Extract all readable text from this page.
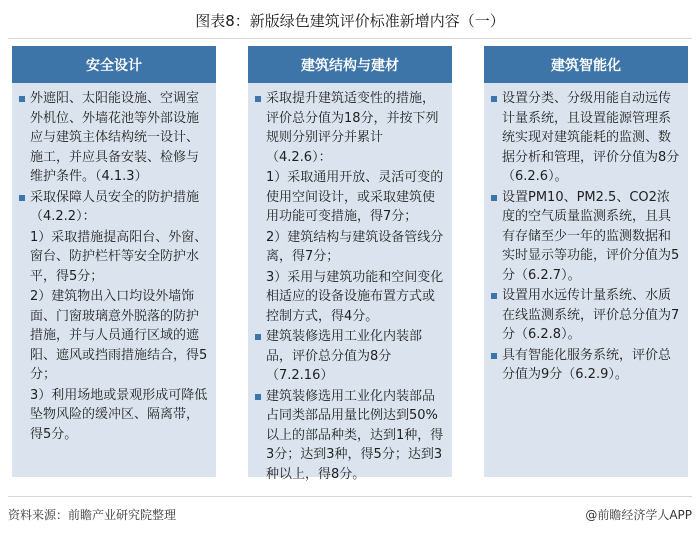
图表8：新版绿色建筑评价标准新增内容（一）
安全设计
外遮阳、太阳能设施、空调室外机位、外墙花池等外部设施应与建筑主体结构统一设计、施工，并应具备安装、检修与维护条件。（4.1.3）
采取保障人员安全的防护措施（4.2.2）：
1）采取措施提高阳台、外窗、窗台、防护栏杆等安全防护水平，得5分；
2）建筑物出入口均设外墙饰面、门窗玻璃意外脱落的防护措施，并与人员通行区域的遮阳、遮风或挡雨措施结合，得5分；
3）利用场地或景观形成可降低坠物风险的缓冲区、隔离带，得5分。
建筑结构与建材
采取提升建筑适变性的措施，评价总分值为18分，并按下列规则分别评分并累计（4.2.6）：
1）采取通用开放、灵活可变的使用空间设计，或采取建筑使用功能可变措施，得7分；
2）建筑结构与建筑设备管线分离，得7分；
3）采用与建筑功能和空间变化相适应的设备设施布置方式或控制方式，得4分。
建筑装修选用工业化内装部品，评价总分值为8分（7.2.16）
建筑装修选用工业化内装部品占同类部品用量比例达到50%以上的部品种类，达到1种，得3分；达到3种，得5分；达到3种以上，得8分。
建筑智能化
设置分类、分级用能自动远传计量系统，且设置能源管理系统实现对建筑能耗的监测、数据分析和管理，评价分值为8分（6.2.6）。
设置PM10、PM2.5、CO2浓度的空气质量监测系统，且具有存储至少一年的监测数据和实时显示等功能，评价分值为5分（6.2.7）。
设置用水远传计量系统、水质在线监测系统，评价总分值为7分（6.2.8）。
具有智能化服务系统，评价总分值为9分（6.2.9）。
资料来源：前瞻产业研究院整理	@前瞻经济学人APP
